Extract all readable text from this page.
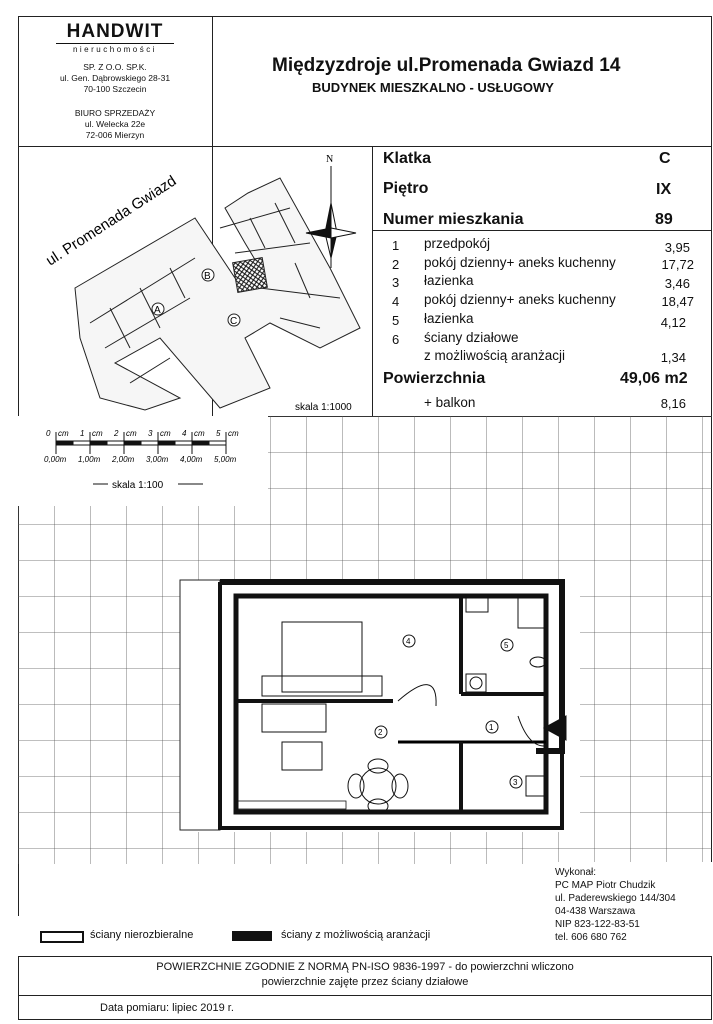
HANDWIT
nieruchomości
SP. Z O.O. SP.K.
ul. Gen. Dąbrowskiego 28-31
70-100 Szczecin
BIURO SPRZEDAŻY
ul. Welecka 22e
72-006 Mierzyn
Międzyzdroje ul.Promenada Gwiazd 14
BUDYNEK MIESZKALNO - USŁUGOWY
A
B
C
ul. Promenada Gwiazd
N
skala 1:1000
Klatka	C
Piętro	IX
Numer mieszkania	89
1 przedpokój	3,95
2 pokój dzienny+ aneks kuchenny	17,72
3 łazienka	3,46
4 pokój dzienny+ aneks kuchenny	18,47
5 łazienka	4,12
6 ściany działowe
z możliwością aranżacji	1,34
Powierzchnia	49,06 m2
+ balkon	8,16
0 cm 1 cm 2 cm 3 cm 4 cm 5 cm
0,00m 1,00m 2,00m 3,00m 4,00m 5,00m
skala 1:100
1
2
3
4	5
Wykonał:
PC MAP Piotr Chudzik
ul. Paderewskiego 144/304
04-438 Warszawa
NIP 823-122-83-51
tel. 606 680 762
ściany nierozbieralne	ściany z możliwością aranżacji
POWIERZCHNIE ZGODNIE Z NORMĄ PN-ISO 9836-1997 - do powierzchni wliczono
powierzchnie zajęte przez ściany działowe
Data pomiaru: lipiec 2019 r.
